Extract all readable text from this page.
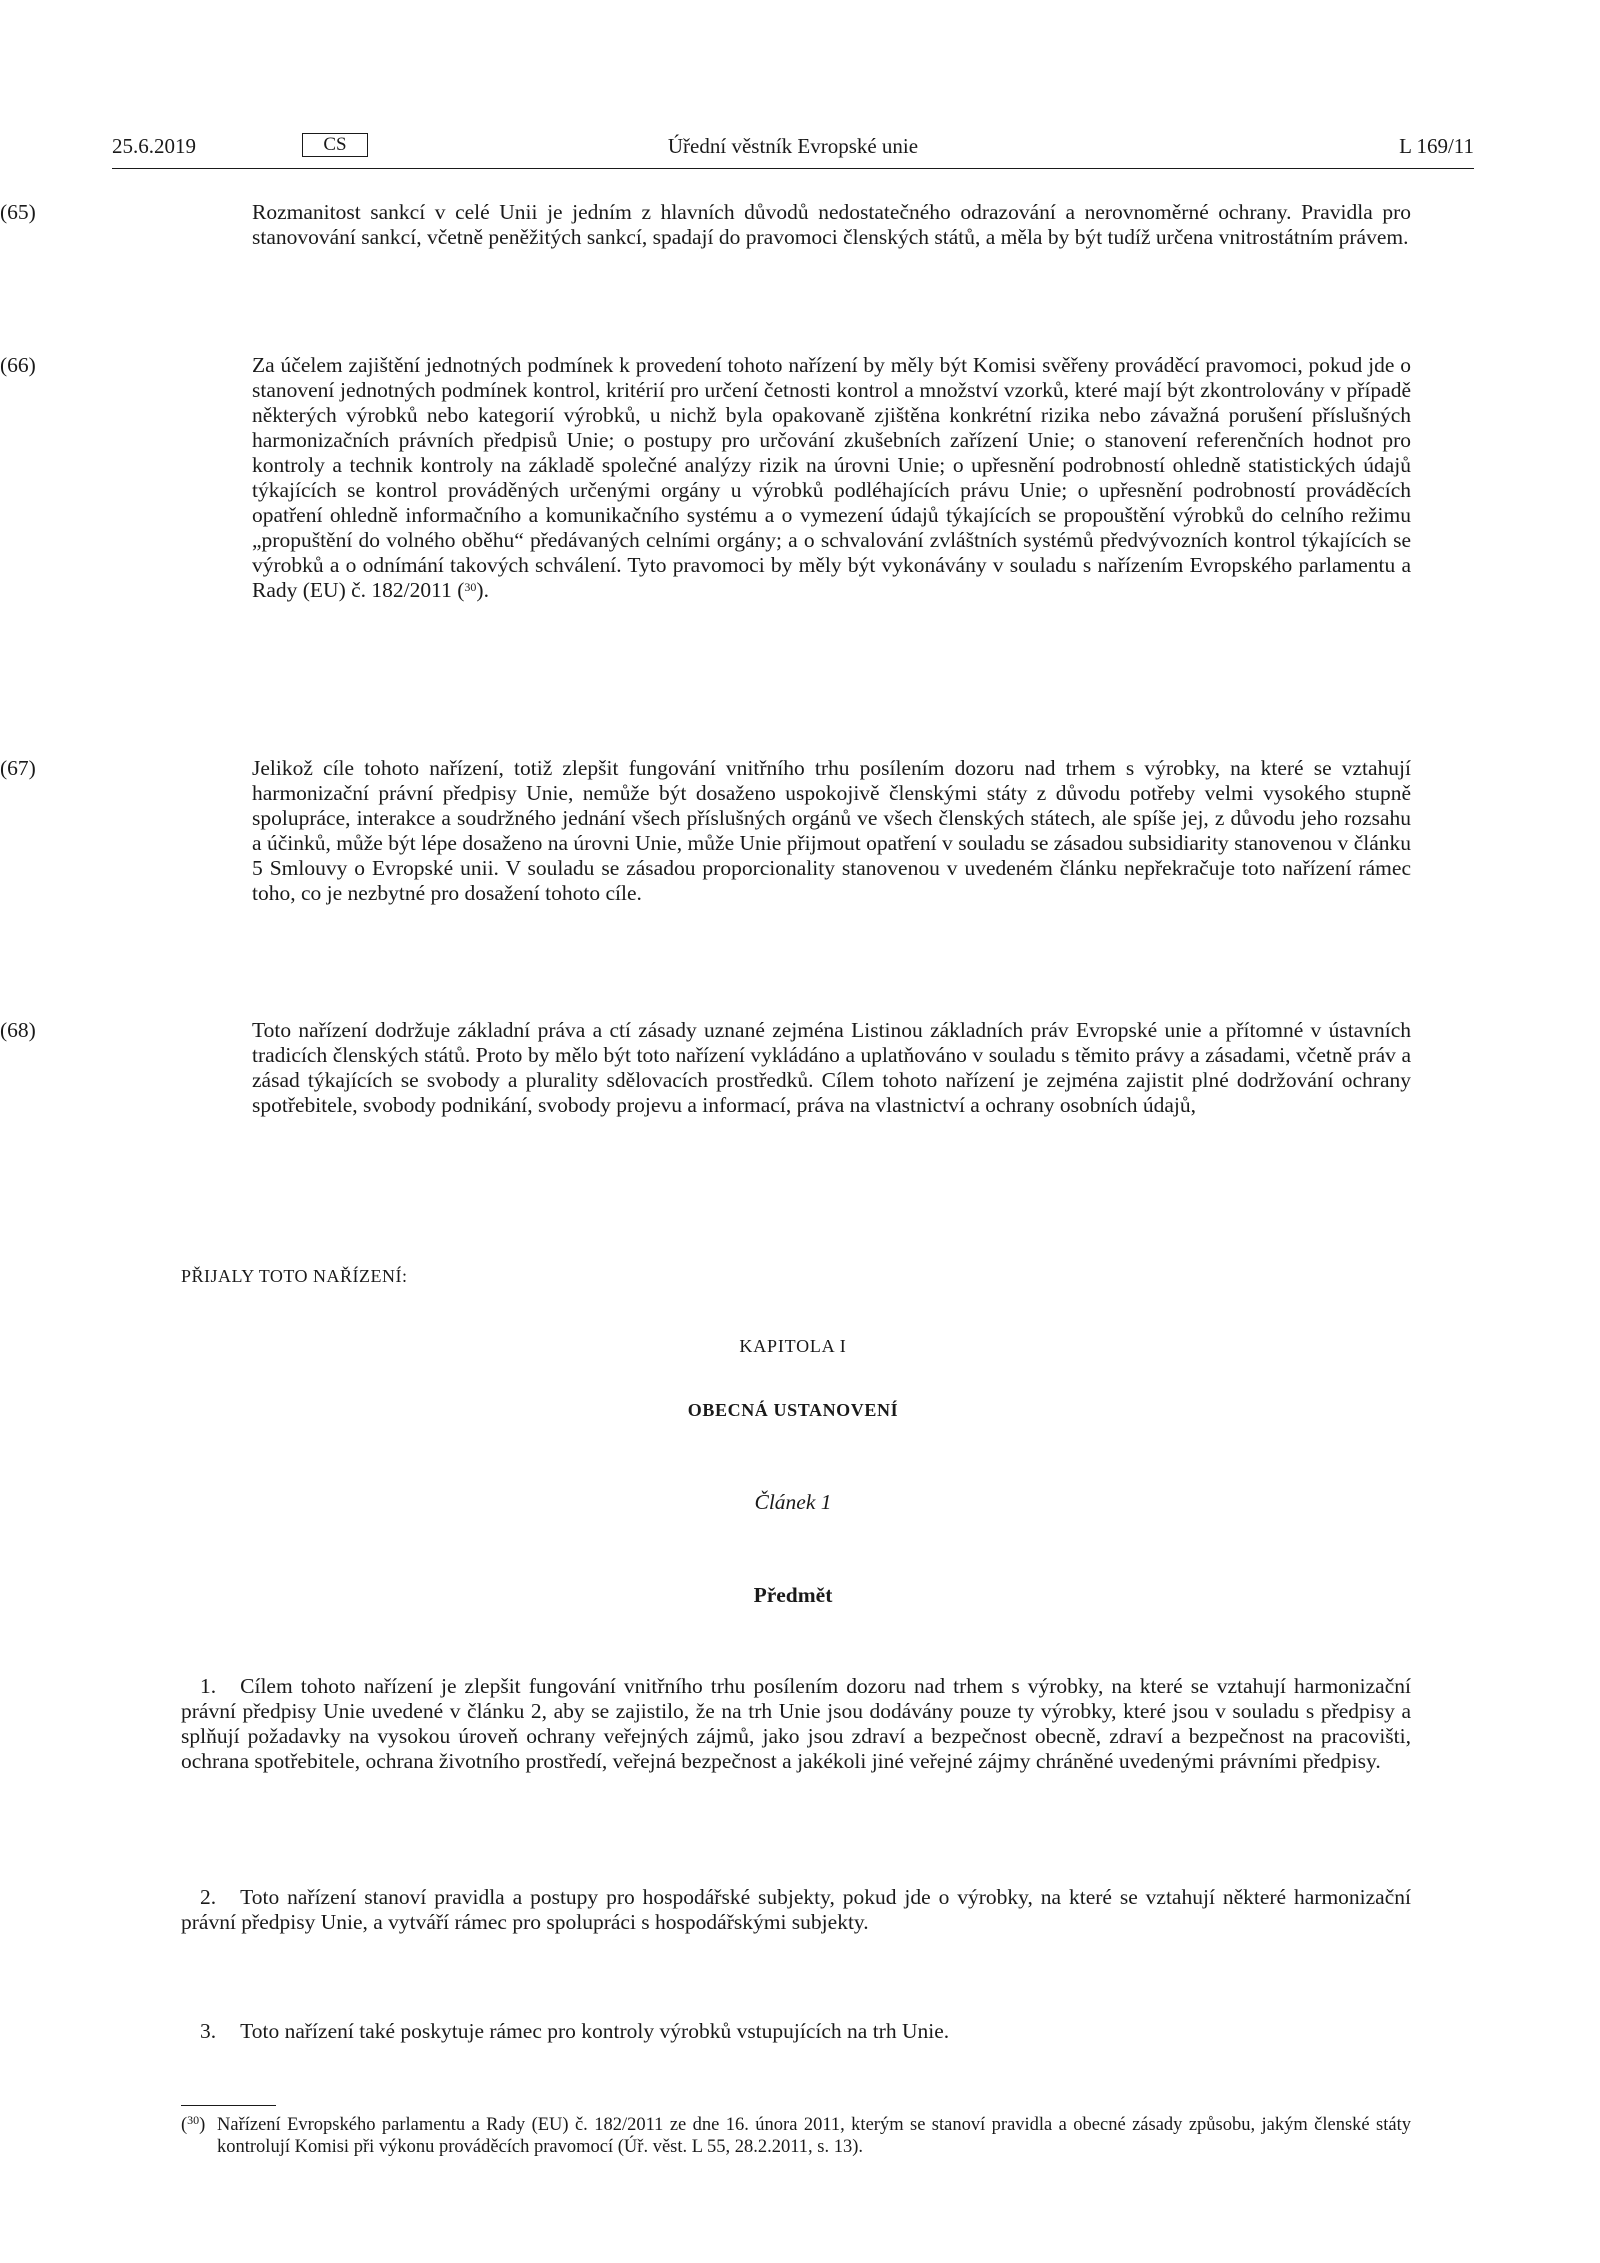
25.6.2019	CS	Úřední věstník Evropské unie	L 169/11
(65)	Rozmanitost sankcí v celé Unii je jedním z hlavních důvodů nedostatečného odrazování a nerovnoměrné ochrany. Pravidla pro stanovování sankcí, včetně peněžitých sankcí, spadají do pravomoci členských států, a měla by být tudíž určena vnitrostátním právem.
(66)	Za účelem zajištění jednotných podmínek k provedení tohoto nařízení by měly být Komisi svěřeny prováděcí pravomoci, pokud jde o stanovení jednotných podmínek kontrol, kritérií pro určení četnosti kontrol a množství vzorků, které mají být zkontrolovány v případě některých výrobků nebo kategorií výrobků, u nichž byla opakovaně zjištěna konkrétní rizika nebo závažná porušení příslušných harmonizačních právních předpisů Unie; o postupy pro určování zkušebních zařízení Unie; o stanovení referenčních hodnot pro kontroly a technik kontroly na základě společné analýzy rizik na úrovni Unie; o upřesnění podrobností ohledně statistických údajů týkajících se kontrol prováděných určenými orgány u výrobků podléhajících právu Unie; o upřesnění podrobností prováděcích opatření ohledně informačního a komunikačního systému a o vymezení údajů týkajících se propouštění výrobků do celního režimu „propuštění do volného oběhu“ předávaných celními orgány; a o schvalování zvláštních systémů předvývozních kontrol týkajících se výrobků a o odnímání takových schválení. Tyto pravomoci by měly být vykonávány v souladu s nařízením Evropského parlamentu a Rady (EU) č. 182/2011 ($^{30}$).
(67)	Jelikož cíle tohoto nařízení, totiž zlepšit fungování vnitřního trhu posílením dozoru nad trhem s výrobky, na které se vztahují harmonizační právní předpisy Unie, nemůže být dosaženo uspokojivě členskými státy z důvodu potřeby velmi vysokého stupně spolupráce, interakce a soudržného jednání všech příslušných orgánů ve všech členských státech, ale spíše jej, z důvodu jeho rozsahu a účinků, může být lépe dosaženo na úrovni Unie, může Unie přijmout opatření v souladu se zásadou subsidiarity stanovenou v článku 5 Smlouvy o Evropské unii. V souladu se zásadou proporcionality stanovenou v uvedeném článku nepřekračuje toto nařízení rámec toho, co je nezbytné pro dosažení tohoto cíle.
(68)	Toto nařízení dodržuje základní práva a ctí zásady uznané zejména Listinou základních práv Evropské unie a přítomné v ústavních tradicích členských států. Proto by mělo být toto nařízení vykládáno a uplatňováno v souladu s těmito právy a zásadami, včetně práv a zásad týkajících se svobody a plurality sdělovacích prostředků. Cílem tohoto nařízení je zejména zajistit plné dodržování ochrany spotřebitele, svobody podnikání, svobody projevu a informací, práva na vlastnictví a ochrany osobních údajů,
PŘIJALY TOTO NAŘÍZENÍ:
KAPITOLA I
OBECNÁ USTANOVENÍ
Článek 1
Předmět
1. Cílem tohoto nařízení je zlepšit fungování vnitřního trhu posílením dozoru nad trhem s výrobky, na které se vztahují harmonizační právní předpisy Unie uvedené v článku 2, aby se zajistilo, že na trh Unie jsou dodávány pouze ty výrobky, které jsou v souladu s předpisy a splňují požadavky na vysokou úroveň ochrany veřejných zájmů, jako jsou zdraví a bezpečnost obecně, zdraví a bezpečnost na pracovišti, ochrana spotřebitele, ochrana životního prostředí, veřejná bezpečnost a jakékoli jiné veřejné zájmy chráněné uvedenými právními předpisy.
2. Toto nařízení stanoví pravidla a postupy pro hospodářské subjekty, pokud jde o výrobky, na které se vztahují některé harmonizační právní předpisy Unie, a vytváří rámec pro spolupráci s hospodářskými subjekty.
3. Toto nařízení také poskytuje rámec pro kontroly výrobků vstupujících na trh Unie.
($^{30}$) Nařízení Evropského parlamentu a Rady (EU) č. 182/2011 ze dne 16. února 2011, kterým se stanoví pravidla a obecné zásady způsobu, jakým členské státy kontrolují Komisi při výkonu prováděcích pravomocí (Úř. věst. L 55, 28.2.2011, s. 13).
